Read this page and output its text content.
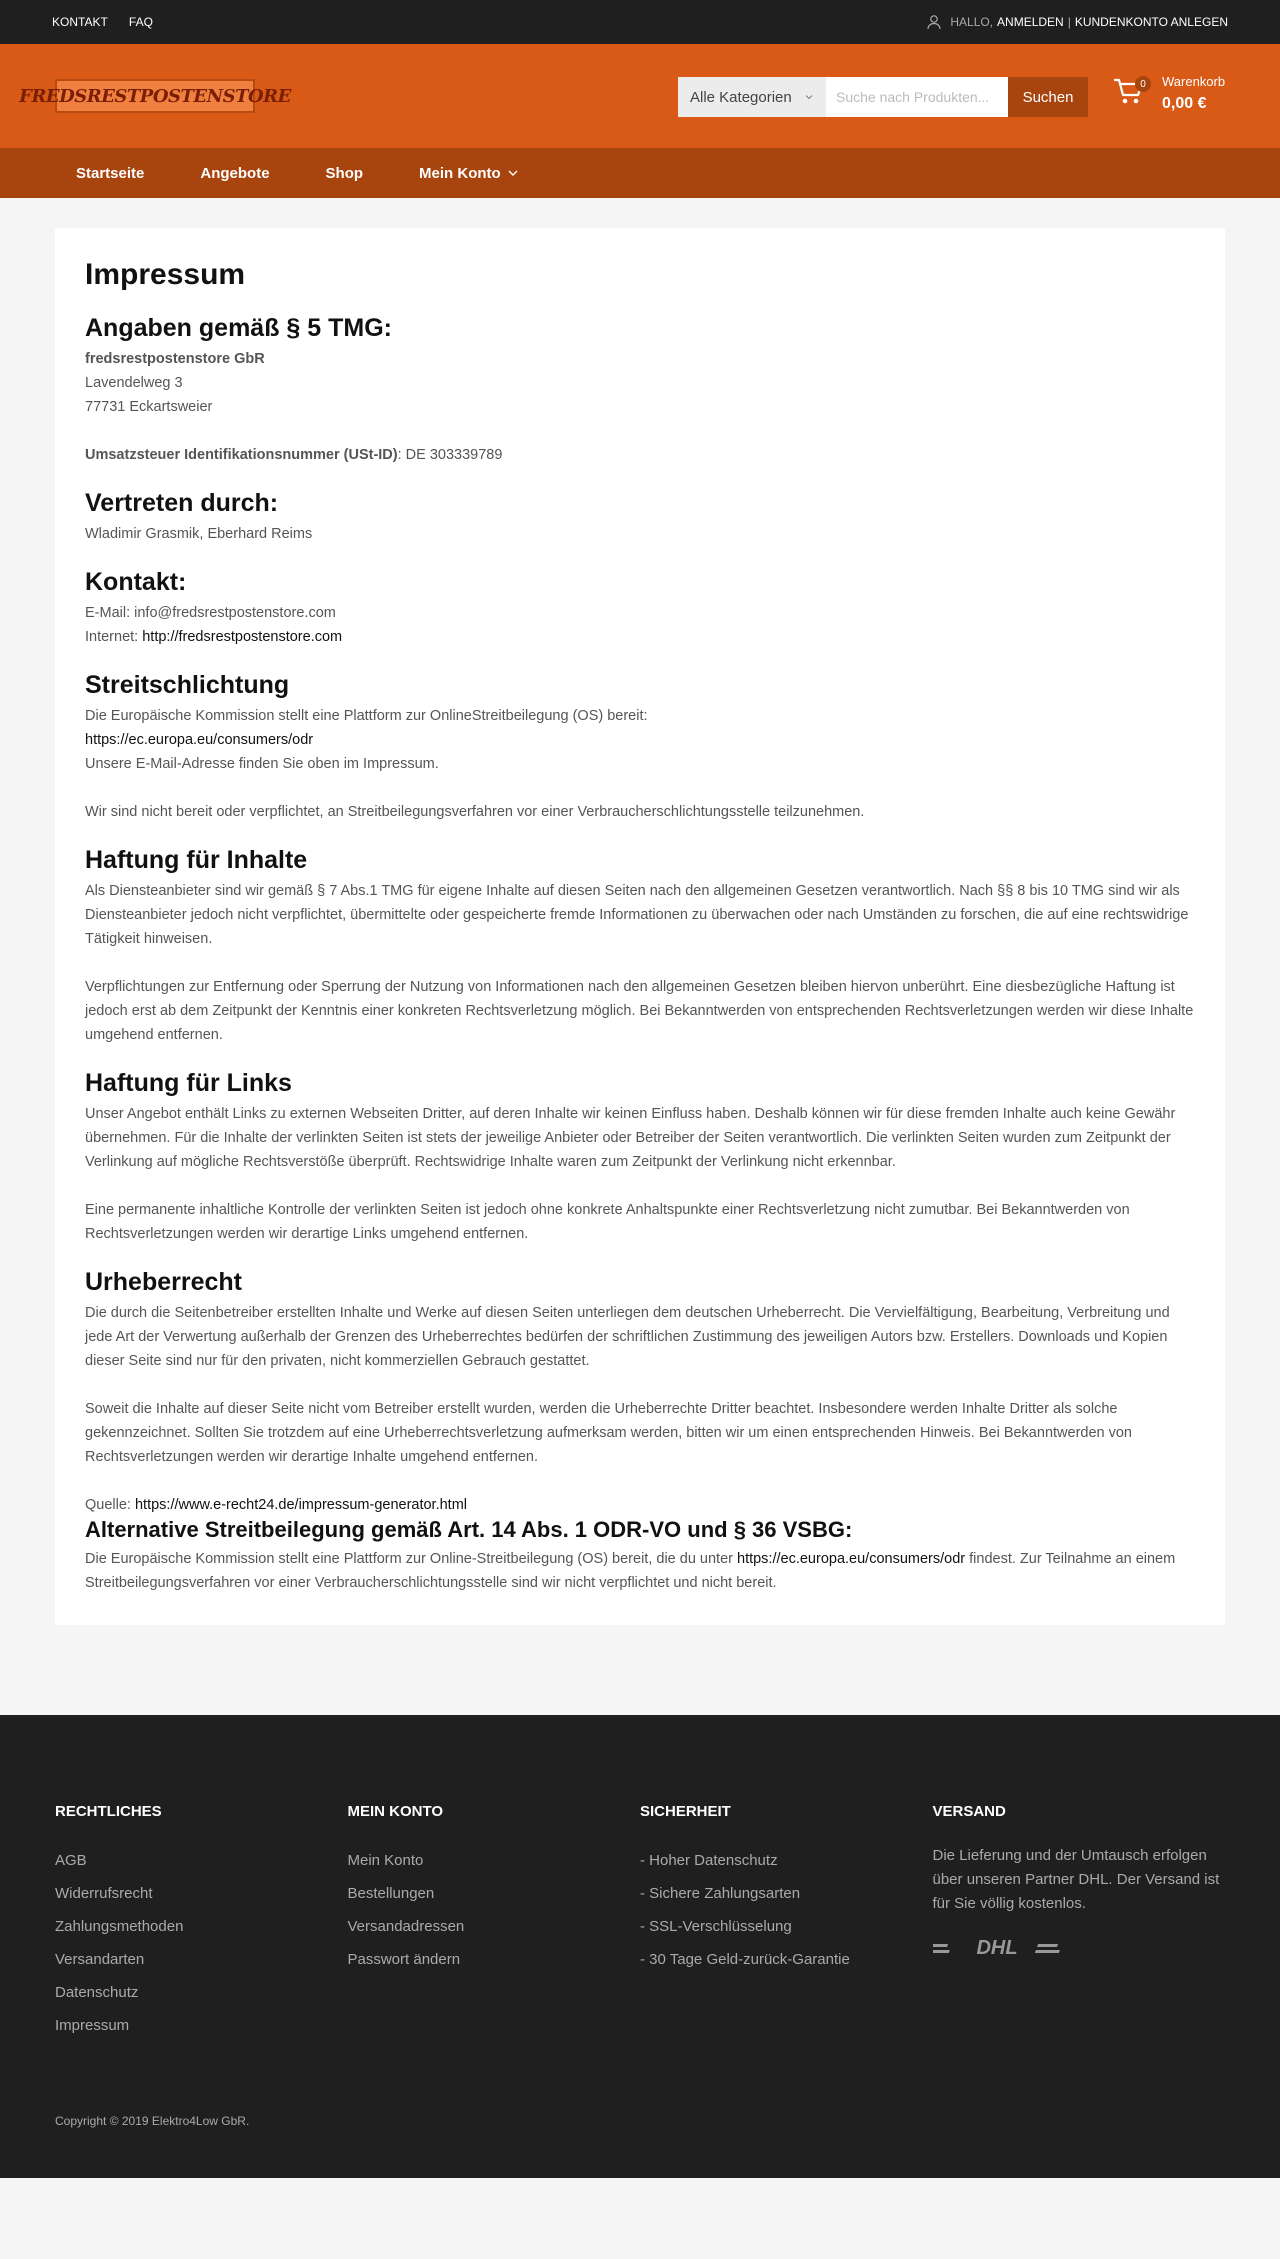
KONTAKT FAQ	HALLO, ANMELDEN | KUNDENKONTO ANLEGEN
FREDSRESTPOSTENSTORE	Alle Kategorien	Suche nach Produkten...	Suchen
0	Warenkorb
0,00 €
Startseite	Angebote	Shop	Mein Konto
Impressum
Angaben gemäß § 5 TMG:

fredsrestpostenstore GbR

Lavendelweg 3

77731 Eckartsweier

Umsatzsteuer Identifikationsnummer (USt-ID): DE 303339789

Vertreten durch:

Wladimir Grasmik, Eberhard Reims

Kontakt:

E-Mail: info@fredsrestpostenstore.com

Internet: http://fredsrestpostenstore.com

Streitschlichtung

Die Europäische Kommission stellt eine Plattform zur OnlineStreitbeilegung (OS) bereit:

https://ec.europa.eu/consumers/odr

Unsere E-Mail-Adresse finden Sie oben im Impressum.

Wir sind nicht bereit oder verpflichtet, an Streitbeilegungsverfahren vor einer Verbraucherschlichtungsstelle teilzunehmen.

Haftung für Inhalte

Als Diensteanbieter sind wir gemäß § 7 Abs.1 TMG für eigene Inhalte auf diesen Seiten nach den allgemeinen Gesetzen verantwortlich. Nach §§ 8 bis 10 TMG sind wir als Diensteanbieter jedoch nicht verpflichtet, übermittelte oder gespeicherte fremde Informationen zu überwachen oder nach Umständen zu forschen, die auf eine rechtswidrige Tätigkeit hinweisen.

Verpflichtungen zur Entfernung oder Sperrung der Nutzung von Informationen nach den allgemeinen Gesetzen bleiben hiervon unberührt. Eine diesbezügliche Haftung ist jedoch erst ab dem Zeitpunkt der Kenntnis einer konkreten Rechtsverletzung möglich. Bei Bekanntwerden von entsprechenden Rechtsverletzungen werden wir diese Inhalte umgehend entfernen.

Haftung für Links

Unser Angebot enthält Links zu externen Webseiten Dritter, auf deren Inhalte wir keinen Einfluss haben. Deshalb können wir für diese fremden Inhalte auch keine Gewähr übernehmen. Für die Inhalte der verlinkten Seiten ist stets der jeweilige Anbieter oder Betreiber der Seiten verantwortlich. Die verlinkten Seiten wurden zum Zeitpunkt der Verlinkung auf mögliche Rechtsverstöße überprüft. Rechtswidrige Inhalte waren zum Zeitpunkt der Verlinkung nicht erkennbar.

Eine permanente inhaltliche Kontrolle der verlinkten Seiten ist jedoch ohne konkrete Anhaltspunkte einer Rechtsverletzung nicht zumutbar. Bei Bekanntwerden von Rechtsverletzungen werden wir derartige Links umgehend entfernen.

Urheberrecht

Die durch die Seitenbetreiber erstellten Inhalte und Werke auf diesen Seiten unterliegen dem deutschen Urheberrecht. Die Vervielfältigung, Bearbeitung, Verbreitung und jede Art der Verwertung außerhalb der Grenzen des Urheberrechtes bedürfen der schriftlichen Zustimmung des jeweiligen Autors bzw. Erstellers. Downloads und Kopien dieser Seite sind nur für den privaten, nicht kommerziellen Gebrauch gestattet.

Soweit die Inhalte auf dieser Seite nicht vom Betreiber erstellt wurden, werden die Urheberrechte Dritter beachtet. Insbesondere werden Inhalte Dritter als solche gekennzeichnet. Sollten Sie trotzdem auf eine Urheberrechtsverletzung aufmerksam werden, bitten wir um einen entsprechenden Hinweis. Bei Bekanntwerden von Rechtsverletzungen werden wir derartige Inhalte umgehend entfernen.

Quelle: https://www.e-recht24.de/impressum-generator.html

Alternative Streitbeilegung gemäß Art. 14 Abs. 1 ODR-VO und § 36 VSBG:

Die Europäische Kommission stellt eine Plattform zur Online-Streitbeilegung (OS) bereit, die du unter https://ec.europa.eu/consumers/odr findest. Zur Teilnahme an einem Streitbeilegungsverfahren vor einer Verbraucherschlichtungsstelle sind wir nicht verpflichtet und nicht bereit.

RECHTLICHES
AGB
Widerrufsrecht
Zahlungsmethoden
Versandarten
Datenschutz
Impressum
MEIN KONTO
Mein Konto
Bestellungen
Versandadressen
Passwort ändern
SICHERHEIT
- Hoher Datenschutz
- Sichere Zahlungsarten
- SSL-Verschlüsselung
- 30 Tage Geld-zurück-Garantie
VERSAND

Die Lieferung und der Umtausch erfolgen über unseren Partner DHL. Der Versand ist für Sie völlig kostenlos.

DHL
Copyright © 2019 Elektro4Low GbR.
